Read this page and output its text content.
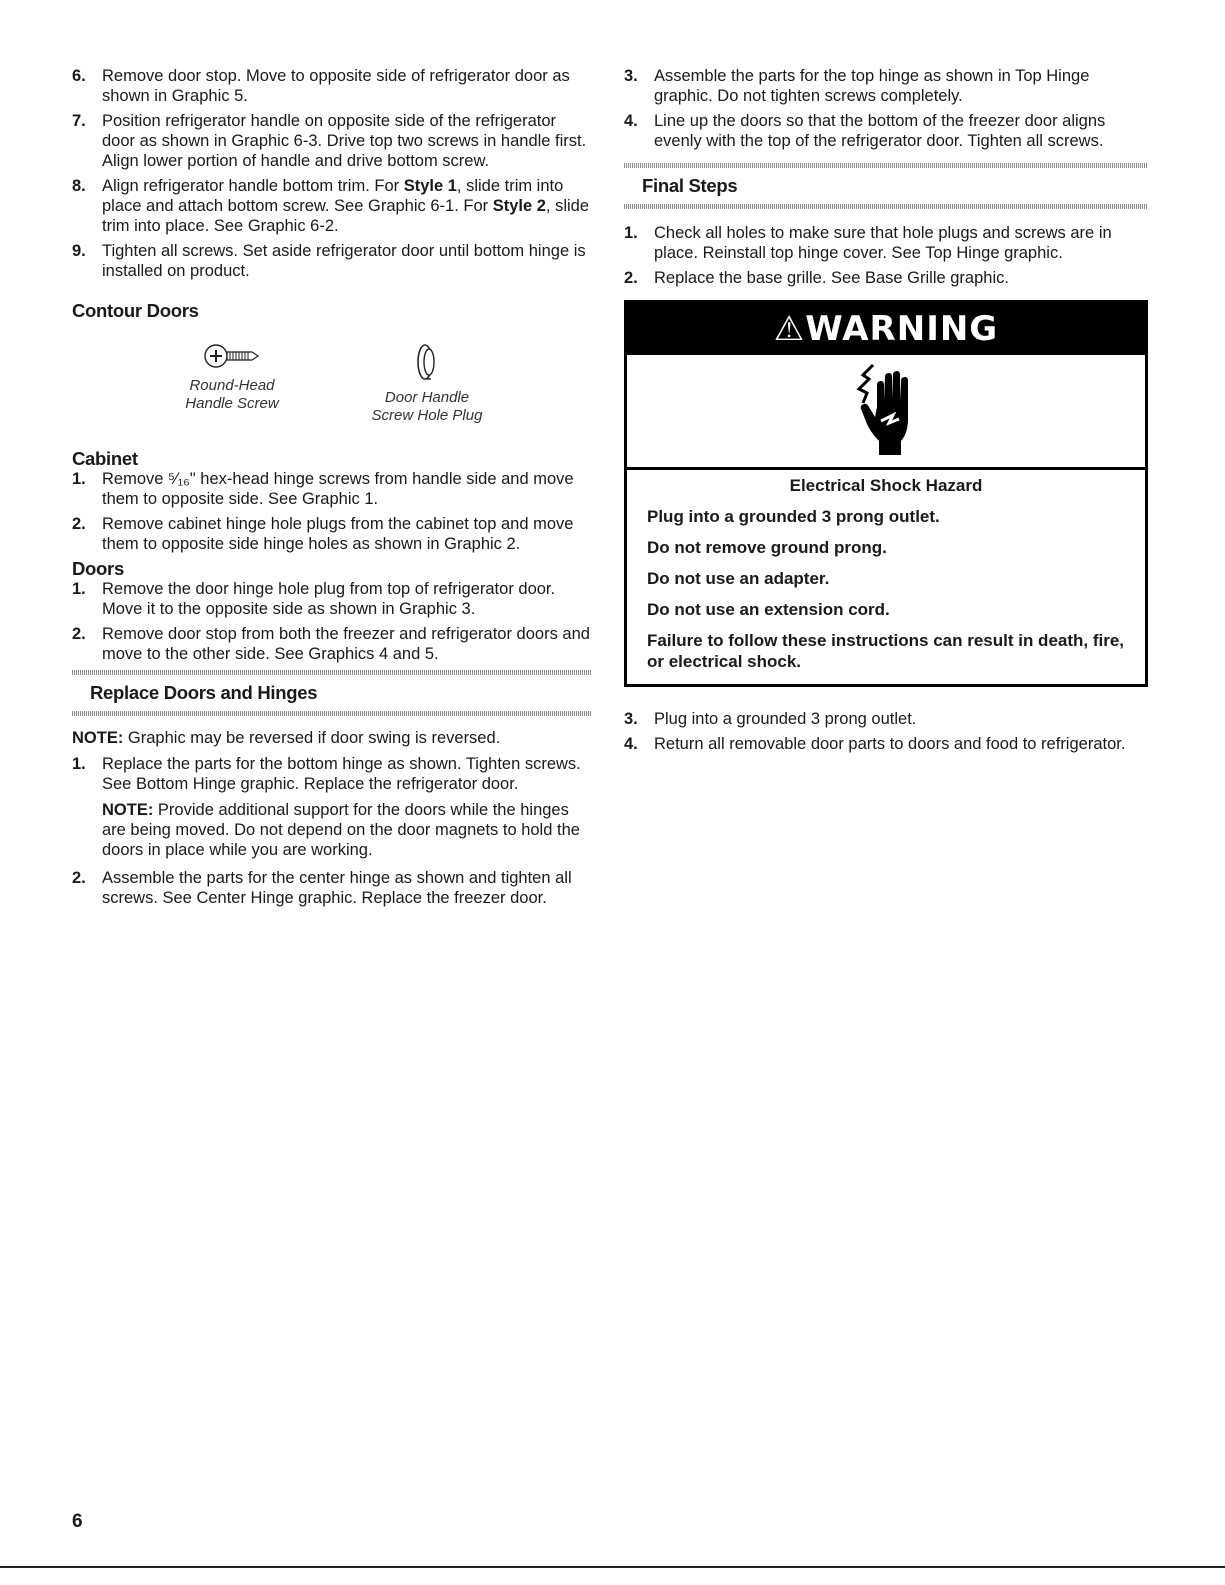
6. Remove door stop. Move to opposite side of refrigerator door as shown in Graphic 5.
7. Position refrigerator handle on opposite side of the refrigerator door as shown in Graphic 6-3. Drive top two screws in handle first. Align lower portion of handle and drive bottom screw.
8. Align refrigerator handle bottom trim. For Style 1, slide trim into place and attach bottom screw. See Graphic 6-1. For Style 2, slide trim into place. See Graphic 6-2.
9. Tighten all screws. Set aside refrigerator door until bottom hinge is installed on product.
Contour Doors
Round-Head
Handle Screw	Door Handle
Screw Hole Plug
Cabinet
1. Remove ⁵⁄₁₆" hex-head hinge screws from handle side and move them to opposite side. See Graphic 1.
2. Remove cabinet hinge hole plugs from the cabinet top and move them to opposite side hinge holes as shown in Graphic 2.
Doors
1. Remove the door hinge hole plug from top of refrigerator door. Move it to the opposite side as shown in Graphic 3.
2. Remove door stop from both the freezer and refrigerator doors and move to the other side. See Graphics 4 and 5.
Replace Doors and Hinges

NOTE: Graphic may be reversed if door swing is reversed.

1. Replace the parts for the bottom hinge as shown. Tighten screws. See Bottom Hinge graphic. Replace the refrigerator door.
NOTE: Provide additional support for the doors while the hinges are being moved. Do not depend on the door magnets to hold the doors in place while you are working.
2. Assemble the parts for the center hinge as shown and tighten all screws. See Center Hinge graphic. Replace the freezer door.
3. Assemble the parts for the top hinge as shown in Top Hinge graphic. Do not tighten screws completely.
4. Line up the doors so that the bottom of the freezer door aligns evenly with the top of the refrigerator door. Tighten all screws.
Final Steps
1. Check all holes to make sure that hole plugs and screws are in place. Reinstall top hinge cover. See Top Hinge graphic.
2. Replace the base grille. See Base Grille graphic.
⚠WARNING
Electrical Shock Hazard
Plug into a grounded 3 prong outlet.
Do not remove ground prong.
Do not use an adapter.
Do not use an extension cord.
Failure to follow these instructions can result in death, fire, or electrical shock.
3. Plug into a grounded 3 prong outlet.
4. Return all removable door parts to doors and food to refrigerator.
6
